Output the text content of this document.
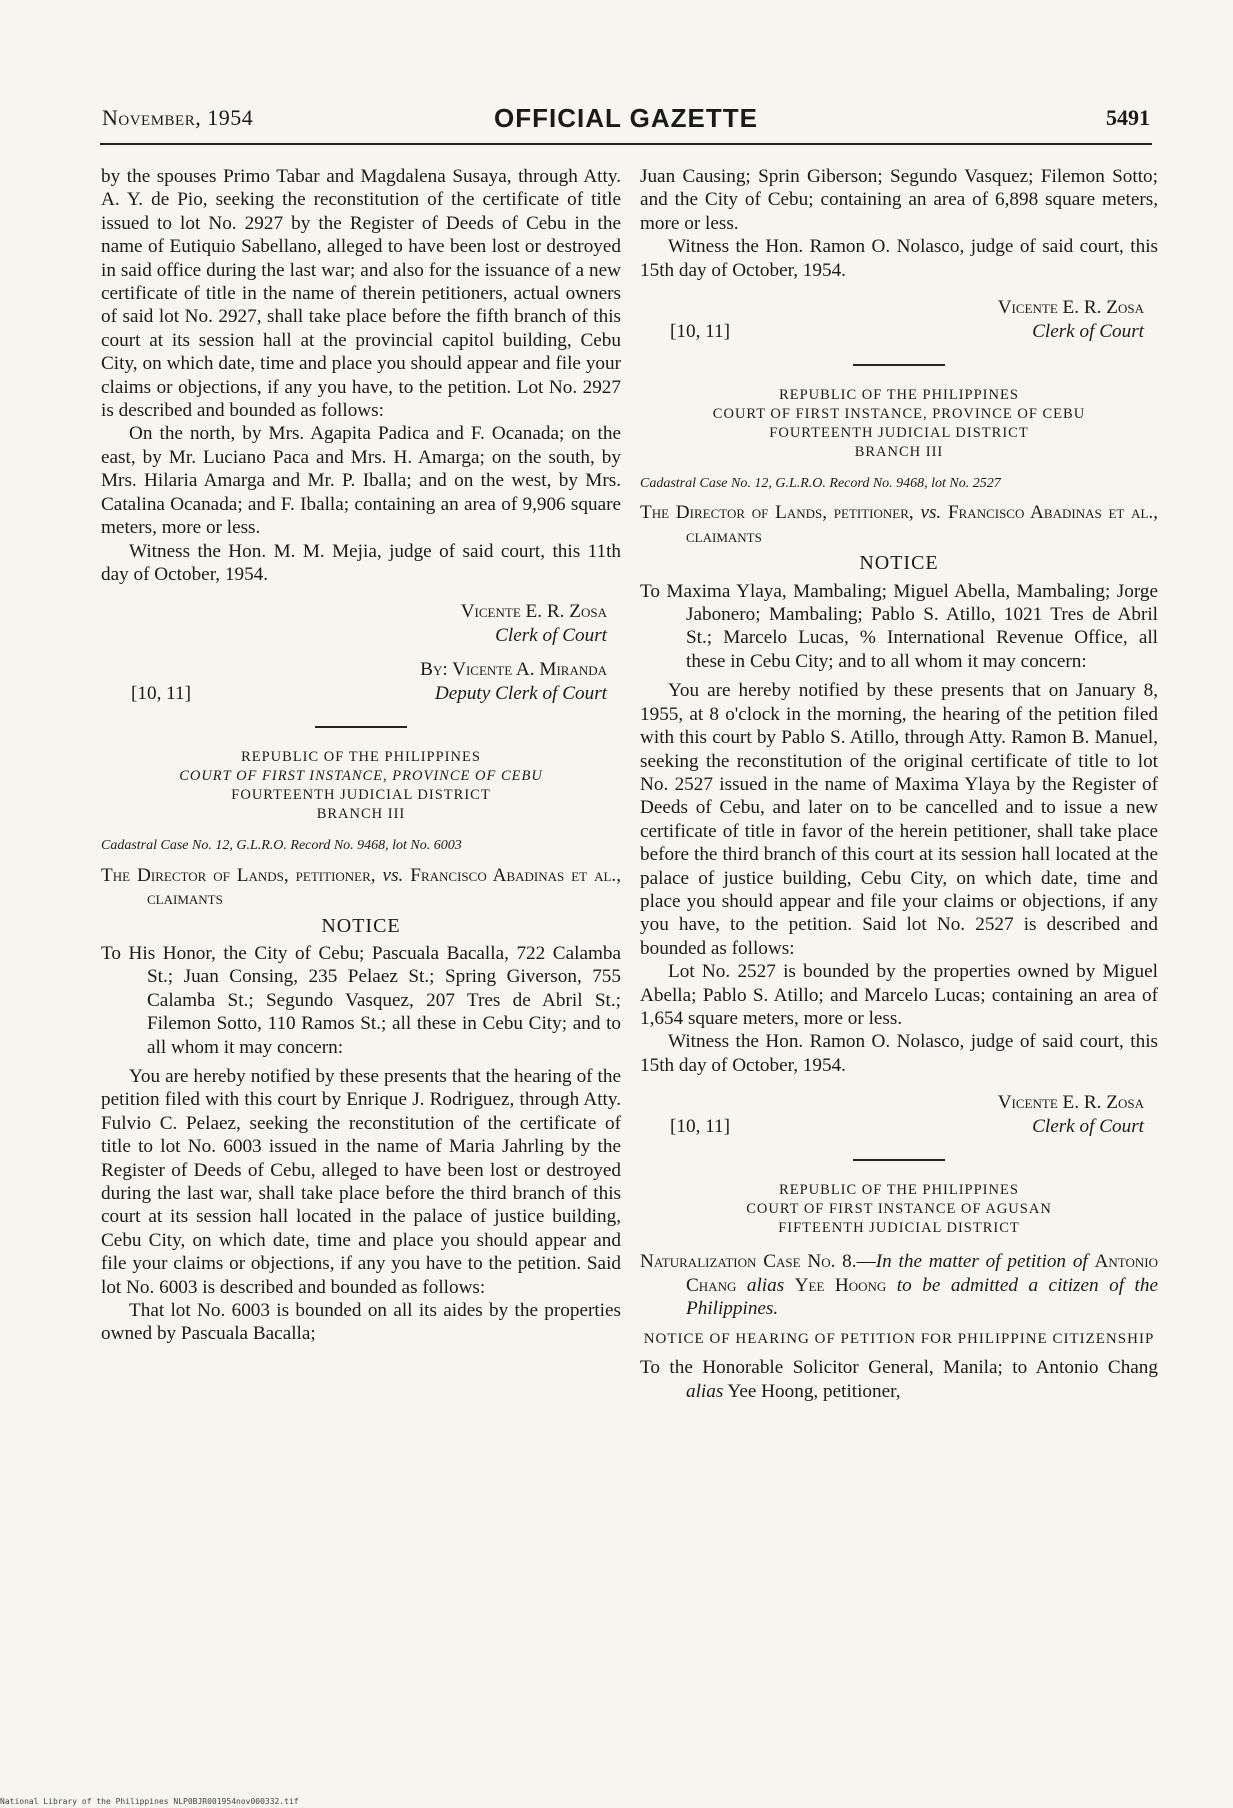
November, 1954	OFFICIAL GAZETTE	5491

by the spouses Primo Tabar and Magdalena Susaya, through Atty. A. Y. de Pio, seeking the reconstitution of the certificate of title issued to lot No. 2927 by the Register of Deeds of Cebu in the name of Eutiquio Sabellano, alleged to have been lost or destroyed in said office during the last war; and also for the issuance of a new certificate of title in the name of therein petitioners, actual owners of said lot No. 2927, shall take place before the fifth branch of this court at its session hall at the provincial capitol building, Cebu City, on which date, time and place you should appear and file your claims or objections, if any you have, to the petition. Lot No. 2927 is described and bounded as follows:

On the north, by Mrs. Agapita Padica and F. Ocanada; on the east, by Mr. Luciano Paca and Mrs. H. Amarga; on the south, by Mrs. Hilaria Amarga and Mr. P. Iballa; and on the west, by Mrs. Catalina Ocanada; and F. Iballa; containing an area of 9,906 square meters, more or less.

Witness the Hon. M. M. Mejia, judge of said court, this 11th day of October, 1954.

Vicente E. R. Zosa
Clerk of Court
By: Vicente A. Miranda
[10, 11]	Deputy Clerk of Court
REPUBLIC OF THE PHILIPPINES
COURT OF FIRST INSTANCE, PROVINCE OF CEBU
FOURTEENTH JUDICIAL DISTRICT
BRANCH III
Cadastral Case No. 12, G.L.R.O. Record No. 9468, lot No. 6003

The Director of Lands, petitioner, vs. Francisco Abadinas et al., claimants

NOTICE

To His Honor, the City of Cebu; Pascuala Bacalla, 722 Calamba St.; Juan Consing, 235 Pelaez St.; Spring Giverson, 755 Calamba St.; Segundo Vasquez, 207 Tres de Abril St.; Filemon Sotto, 110 Ramos St.; all these in Cebu City; and to all whom it may concern:

You are hereby notified by these presents that the hearing of the petition filed with this court by Enrique J. Rodriguez, through Atty. Fulvio C. Pelaez, seeking the reconstitution of the certificate of title to lot No. 6003 issued in the name of Maria Jahrling by the Register of Deeds of Cebu, alleged to have been lost or destroyed during the last war, shall take place before the third branch of this court at its session hall located in the palace of justice building, Cebu City, on which date, time and place you should appear and file your claims or objections, if any you have to the petition. Said lot No. 6003 is described and bounded as follows:

That lot No. 6003 is bounded on all its aides by the properties owned by Pascuala Bacalla;

Juan Causing; Sprin Giberson; Segundo Vasquez; Filemon Sotto; and the City of Cebu; containing an area of 6,898 square meters, more or less.

Witness the Hon. Ramon O. Nolasco, judge of said court, this 15th day of October, 1954.

Vicente E. R. Zosa
[10, 11]	Clerk of Court
REPUBLIC OF THE PHILIPPINES
COURT OF FIRST INSTANCE, PROVINCE OF CEBU
FOURTEENTH JUDICIAL DISTRICT
BRANCH III
Cadastral Case No. 12, G.L.R.O. Record No. 9468, lot No. 2527

The Director of Lands, petitioner, vs. Francisco Abadinas et al., claimants

NOTICE

To Maxima Ylaya, Mambaling; Miguel Abella, Mambaling; Jorge Jabonero; Mambaling; Pablo S. Atillo, 1021 Tres de Abril St.; Marcelo Lucas, % International Revenue Office, all these in Cebu City; and to all whom it may concern:

You are hereby notified by these presents that on January 8, 1955, at 8 o'clock in the morning, the hearing of the petition filed with this court by Pablo S. Atillo, through Atty. Ramon B. Manuel, seeking the reconstitution of the original certificate of title to lot No. 2527 issued in the name of Maxima Ylaya by the Register of Deeds of Cebu, and later on to be cancelled and to issue a new certificate of title in favor of the herein petitioner, shall take place before the third branch of this court at its session hall located at the palace of justice building, Cebu City, on which date, time and place you should appear and file your claims or objections, if any you have, to the petition. Said lot No. 2527 is described and bounded as follows:

Lot No. 2527 is bounded by the properties owned by Miguel Abella; Pablo S. Atillo; and Marcelo Lucas; containing an area of 1,654 square meters, more or less.

Witness the Hon. Ramon O. Nolasco, judge of said court, this 15th day of October, 1954.

Vicente E. R. Zosa
[10, 11]	Clerk of Court
REPUBLIC OF THE PHILIPPINES
COURT OF FIRST INSTANCE OF AGUSAN
FIFTEENTH JUDICIAL DISTRICT

Naturalization Case No. 8.—In the matter of petition of Antonio Chang alias Yee Hoong to be admitted a citizen of the Philippines.

NOTICE OF HEARING OF PETITION FOR PHILIPPINE CITIZENSHIP

To the Honorable Solicitor General, Manila; to Antonio Chang alias Yee Hoong, petitioner,

National Library of the Philippines NLP0BJR001954nov000332.tif
